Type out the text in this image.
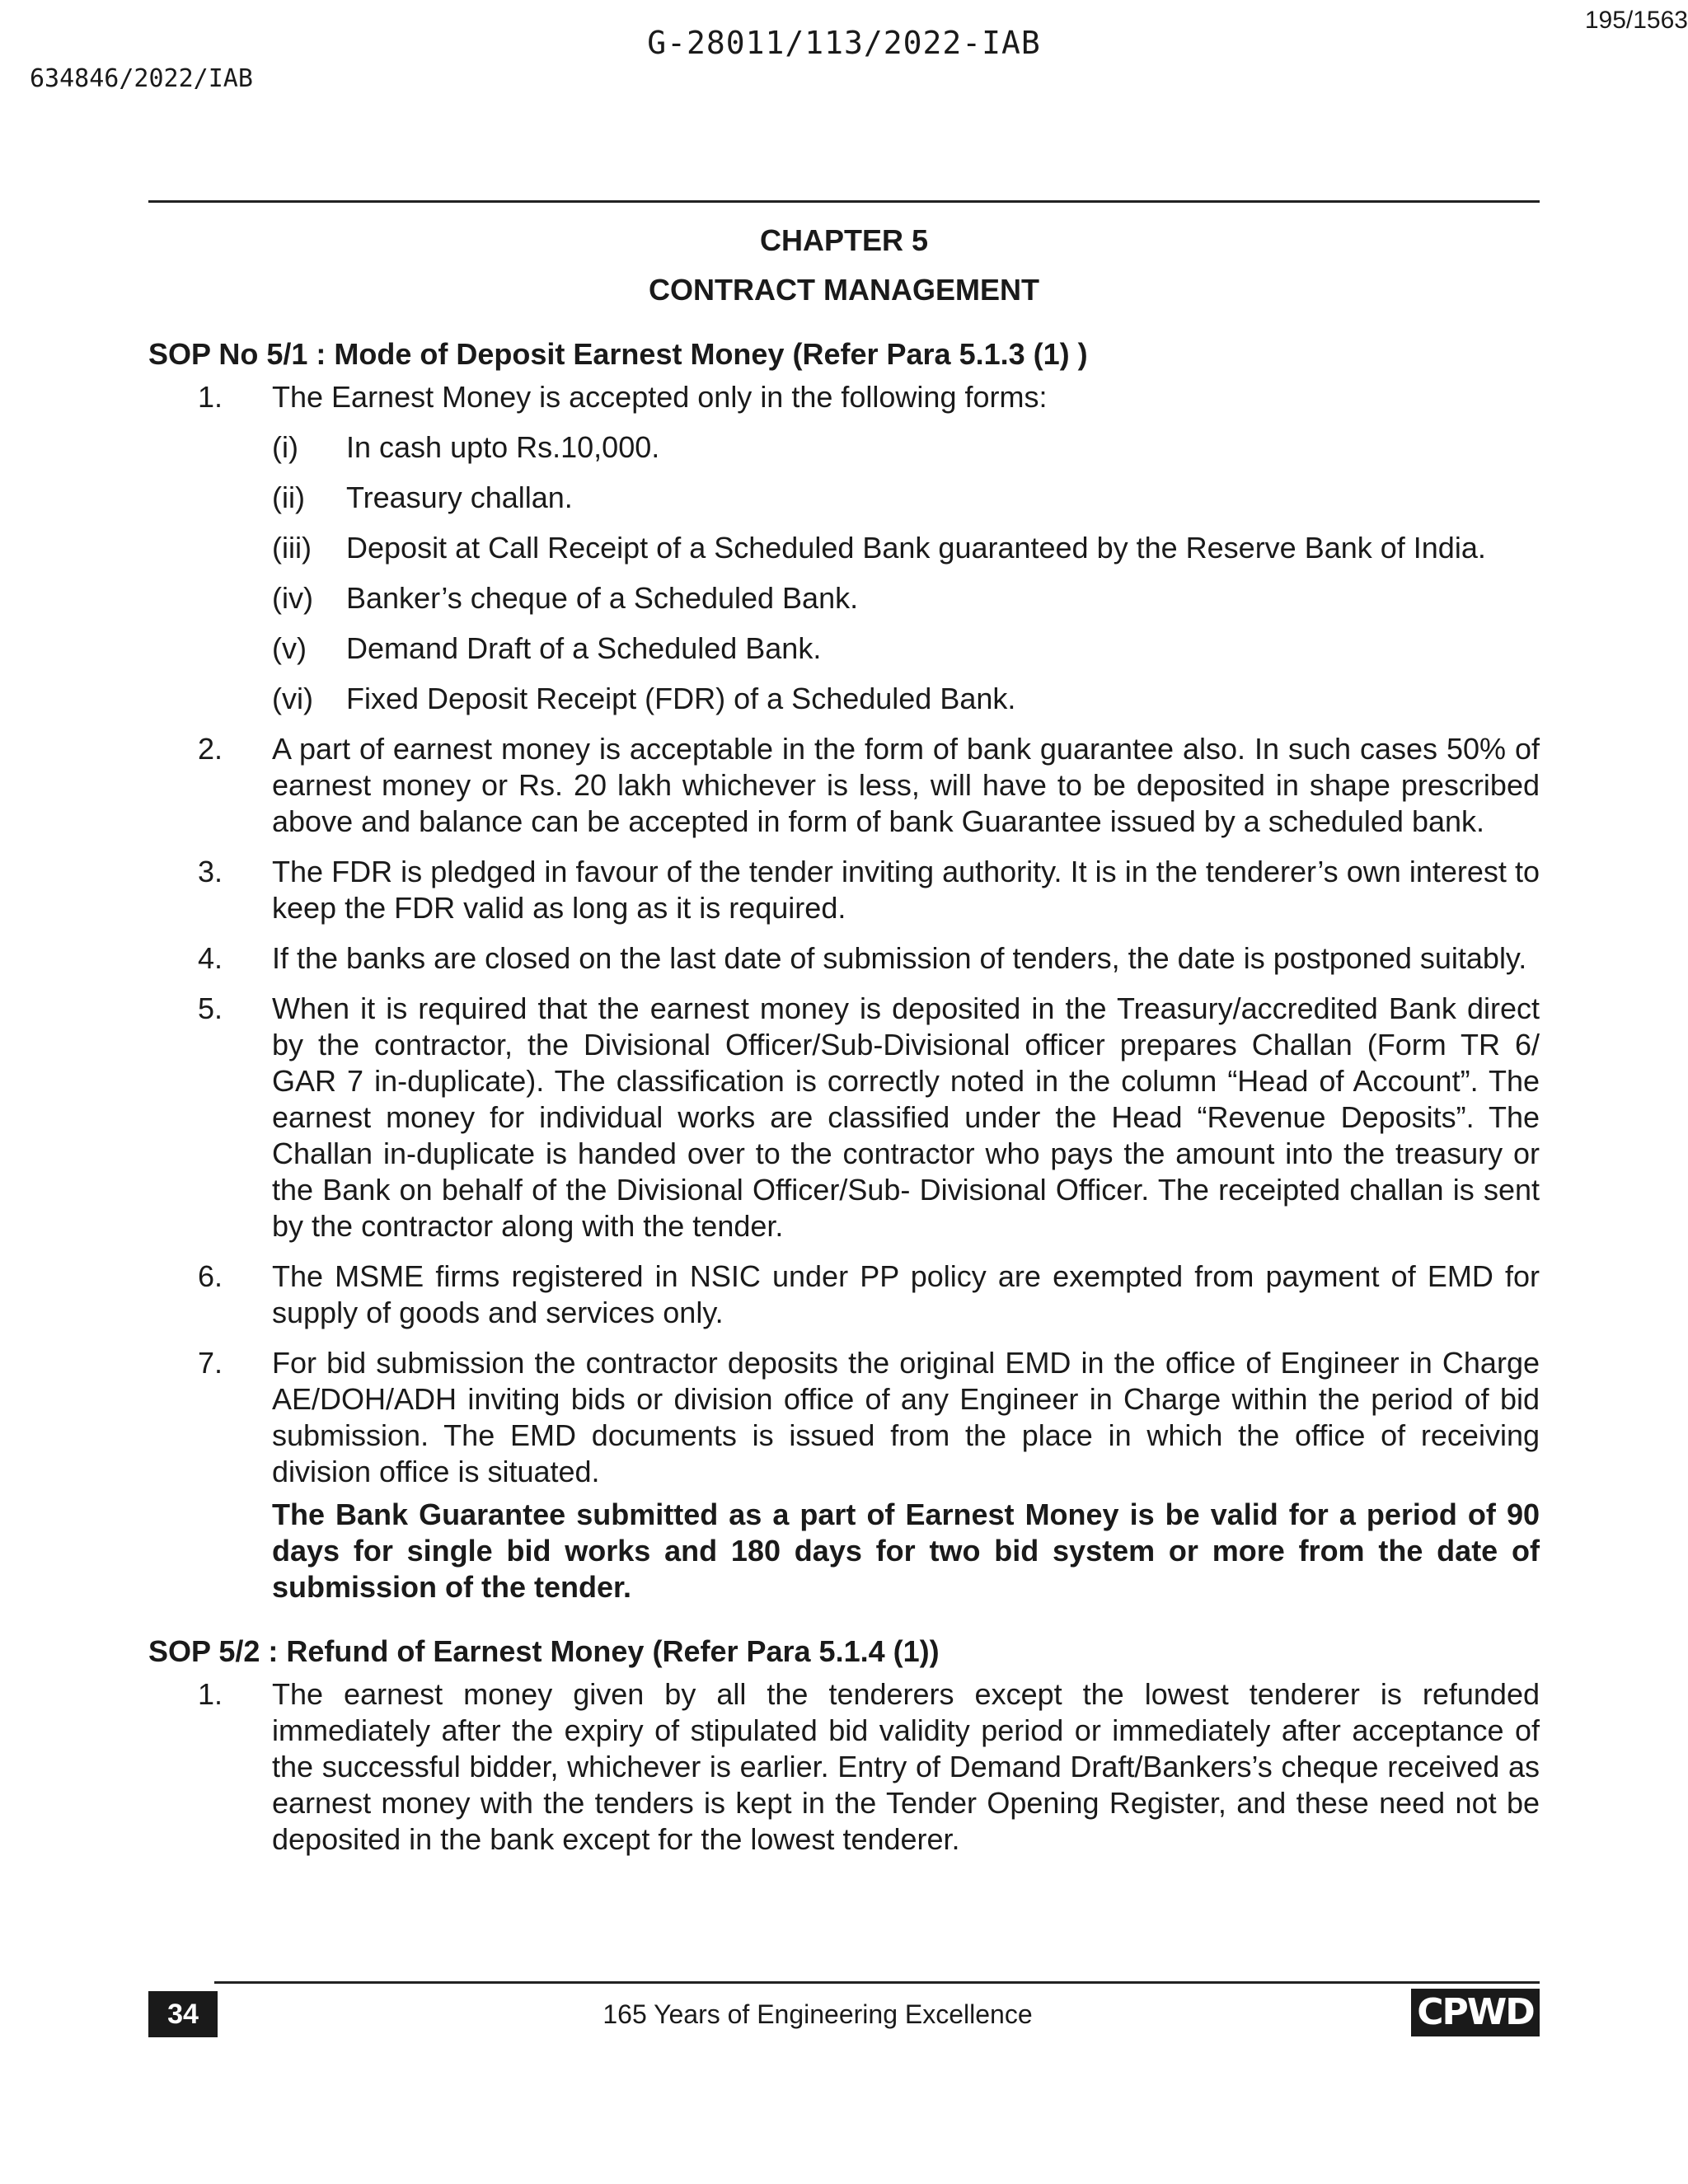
G-28011/113/2022-IAB
195/1563
634846/2022/IAB
CHAPTER 5
CONTRACT MANAGEMENT
SOP No 5/1 : Mode of Deposit Earnest Money (Refer Para 5.1.3 (1) )
1.	The Earnest Money is accepted only in the following forms:
(i)	In cash upto Rs.10,000.
(ii)	Treasury challan.
(iii)	Deposit at Call Receipt of a Scheduled Bank guaranteed by the Reserve Bank of India.
(iv)	Banker’s cheque of a Scheduled Bank.
(v)	Demand Draft of a Scheduled Bank.
(vi)	Fixed Deposit Receipt (FDR) of a Scheduled Bank.
2.	A part of earnest money is acceptable in the form of bank guarantee also. In such cases 50% of earnest money or Rs. 20 lakh whichever is less, will have to be deposited in shape prescribed above and balance can be accepted in form of bank Guarantee issued by a scheduled bank.
3.	The FDR is pledged in favour of the tender inviting authority. It is in the tenderer’s own interest to keep the FDR valid as long as it is required.
4.	If the banks are closed on the last date of submission of tenders, the date is postponed suitably.
5.	When it is required that the earnest money is deposited in the Treasury/accredited Bank direct by the contractor, the Divisional Officer/Sub-Divisional officer prepares Challan (Form TR 6/ GAR 7 in-duplicate). The classification is correctly noted in the column “Head of Account”. The earnest money for individual works are classified under the Head “Revenue Deposits”. The Challan in-duplicate is handed over to the contractor who pays the amount into the treasury or the Bank on behalf of the Divisional Officer/Sub- Divisional Officer. The receipted challan is sent by the contractor along with the tender.
6.	The MSME firms registered in NSIC under PP policy are exempted from payment of EMD for supply of goods and services only.
7.	For bid submission the contractor deposits the original EMD in the office of Engineer in Charge AE/DOH/ADH inviting bids or division office of any Engineer in Charge within the period of bid submission. The EMD documents is issued from the place in which the office of receiving division office is situated.
The Bank Guarantee submitted as a part of Earnest Money is be valid for a period of 90 days for single bid works and 180 days for two bid system or more from the date of submission of the tender.
SOP 5/2 : Refund of Earnest Money (Refer Para 5.1.4 (1))
1.	The earnest money given by all the tenderers except the lowest tenderer is refunded immediately after the expiry of stipulated bid validity period or immediately after acceptance of the successful bidder, whichever is earlier. Entry of Demand Draft/Bankers’s cheque received as earnest money with the tenders is kept in the Tender Opening Register, and these need not be deposited in the bank except for the lowest tenderer.
34	165 Years of Engineering Excellence	CPWD
